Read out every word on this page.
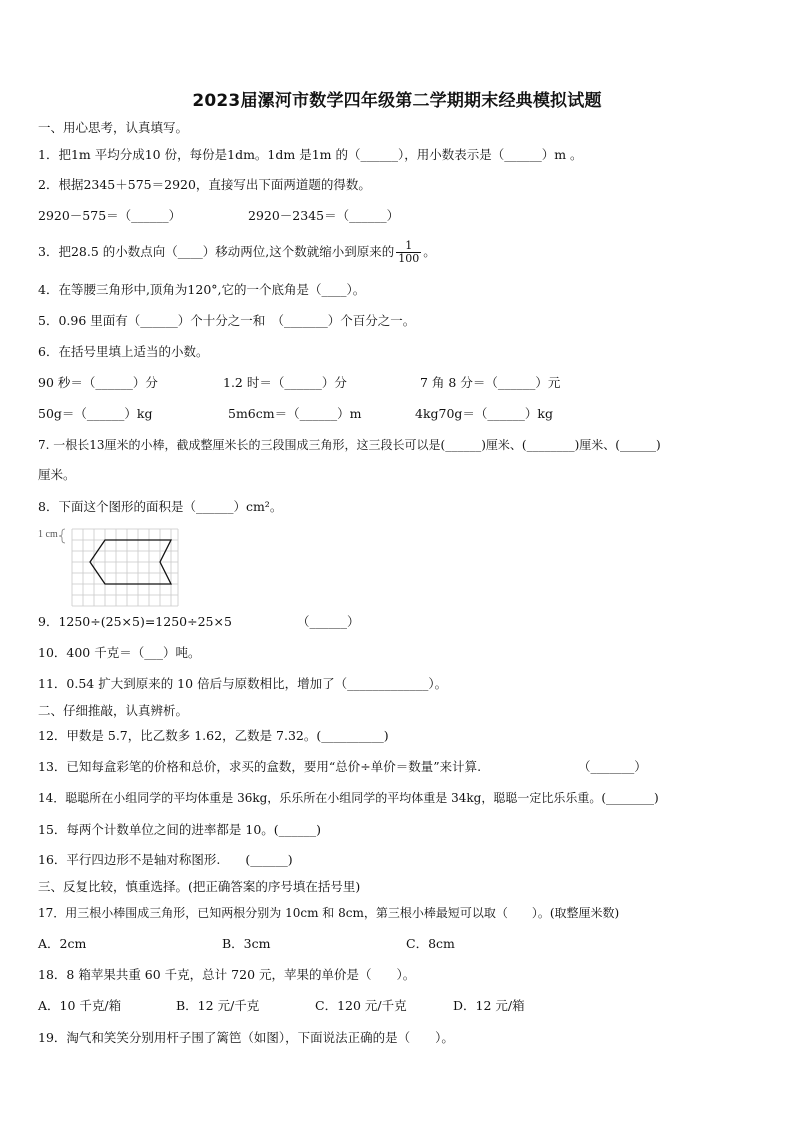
2023届漯河市数学四年级第二学期期末经典模拟试题
一、用心思考，认真填写。
1．把1m 平均分成10 份，每份是1dm。1dm 是1m 的（______），用小数表示是（______）m 。
2．根据2345＋575＝2920，直接写出下面两道题的得数。
2920－575＝（______）	2920－2345＝（______）
3．把28.5 的小数点向（____）移动两位,这个数就缩小到原来的 $\frac{1}{100}$ 。
4．在等腰三角形中,顶角为120°,它的一个底角是（____）。
5．0.96 里面有（______）个十分之一和　（_______）个百分之一。
6．在括号里填上适当的小数。
90 秒＝（______）分	1.2 时＝（______）分	7 角 8 分＝（______）元
50g＝（______）kg	5m6cm＝（______）m	4kg70g＝（______）kg
7. 一根长13厘米的小棒，截成整厘米长的三段围成三角形，这三段长可以是(______)厘米、(________)厘米、(______)
厘米。
8．下面这个图形的面积是（______）cm²。
1 cm
9．1250÷(25×5)=1250÷25×5	（______）
10．400 千克＝（___）吨。
11．0.54 扩大到原来的 10 倍后与原数相比，增加了（_____________）。
二、仔细推敲，认真辨析。
12．甲数是 5.7，比乙数多 1.62，乙数是 7.32。(__________)
13．已知每盒彩笔的价格和总价，求买的盒数，要用“总价÷单价＝数量”来计算.	（_______）
14．聪聪所在小组同学的平均体重是 36kg，乐乐所在小组同学的平均体重是 34kg，聪聪一定比乐乐重。(________)
15．每两个计数单位之间的进率都是 10。(______)
16．平行四边形不是轴对称图形.　　(______)
三、反复比较，慎重选择。(把正确答案的序号填在括号里)
17．用三根小棒围成三角形，已知两根分别为 10cm 和 8cm，第三根小棒最短可以取（　　）。(取整厘米数)
A．2cm	B．3cm	C．8cm
18．8 箱苹果共重 60 千克，总计 720 元，苹果的单价是（　　）。
A．10 千克/箱	B．12 元/千克	C．120 元/千克	D．12 元/箱
19．淘气和笑笑分别用杆子围了篱笆（如图），下面说法正确的是（　　）。
